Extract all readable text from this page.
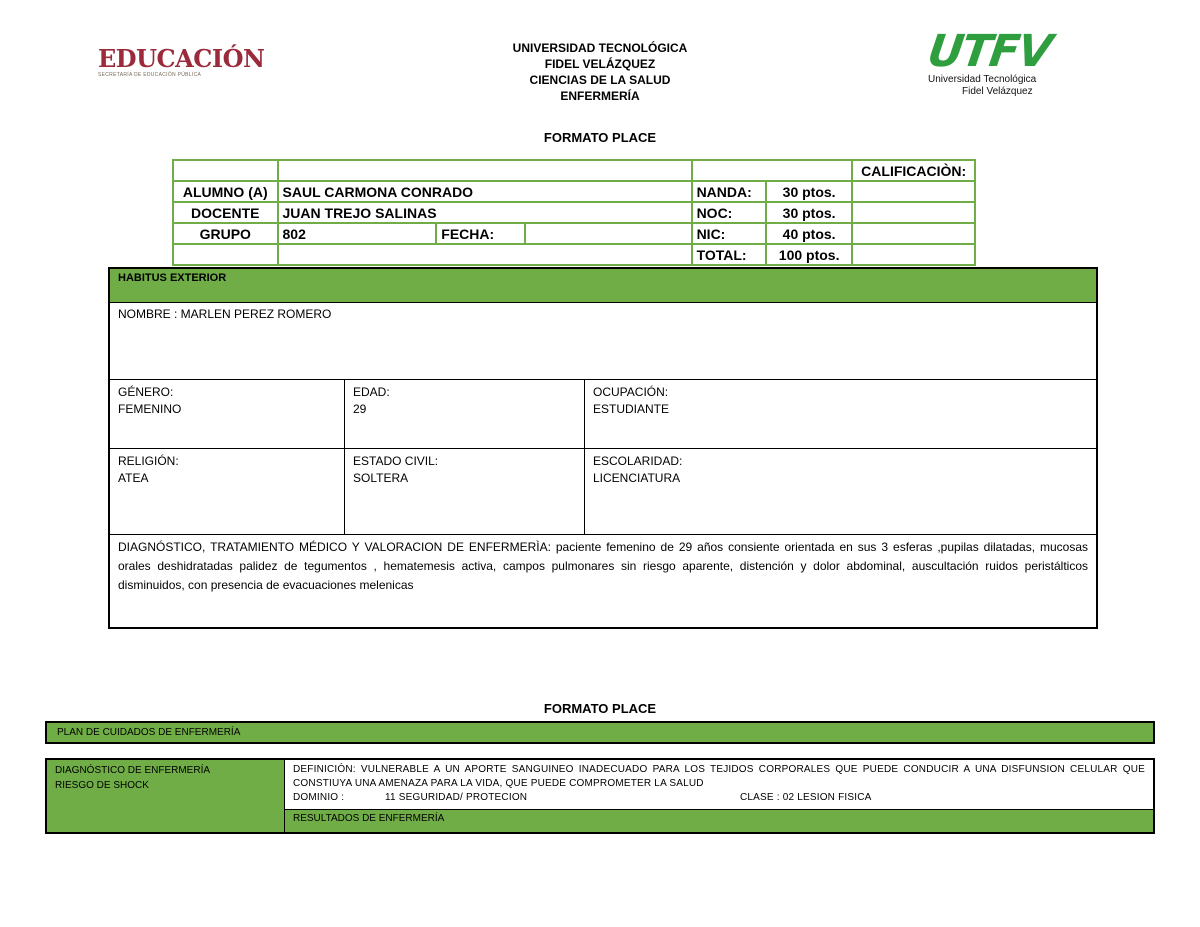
EDUCACIÓN
SECRETARÍA DE EDUCACIÓN PÚBLICA	UTFV
Universidad Tecnológica
Fidel Velázquez
UNIVERSIDAD TECNOLÓGICA
FIDEL VELÁZQUEZ
CIENCIAS DE LA SALUD
ENFERMERÍA
FORMATO PLACE
						CALIFICACIÒN:
ALUMNO (A)	SAUL CARMONA CONRADO			NANDA:	30 ptos.	
DOCENTE	JUAN TREJO SALINAS			NOC:	30 ptos.	
GRUPO	802	FECHA:		NIC:	40 ptos.	
				TOTAL:	100 ptos.	
HABITUS EXTERIOR
NOMBRE : MARLEN PEREZ ROMERO
GÉNERO:
FEMENINO
EDAD:
29
OCUPACIÓN:
ESTUDIANTE
RELIGIÓN:
ATEA
ESTADO CIVIL:
SOLTERA
ESCOLARIDAD:
LICENCIATURA
DIAGNÓSTICO, TRATAMIENTO MÉDICO Y VALORACION DE ENFERMERÌA: paciente femenino de 29 años consiente orientada en sus 3 esferas ,pupilas dilatadas, mucosas orales deshidratadas palidez de tegumentos , hematemesis activa, campos pulmonares sin riesgo aparente, distención y dolor abdominal, auscultación ruidos peristálticos disminuidos, con presencia de evacuaciones melenicas
FORMATO PLACE
PLAN DE CUIDADOS DE ENFERMERÍA
DIAGNÓSTICO DE ENFERMERÍA
RIESGO DE SHOCK
DEFINICIÓN: VULNERABLE A UN APORTE SANGUINEO INADECUADO PARA LOS TEJIDOS CORPORALES QUE PUEDE CONDUCIR A UNA DISFUNSION CELULAR QUE CONSTIUYA UNA AMENAZA PARA LA VIDA, QUE PUEDE COMPROMETER LA SALUD
DOMINIO :	11 SEGURIDAD/ PROTECION	CLASE : 02 LESION FISICA
RESULTADOS DE ENFERMERÍA
